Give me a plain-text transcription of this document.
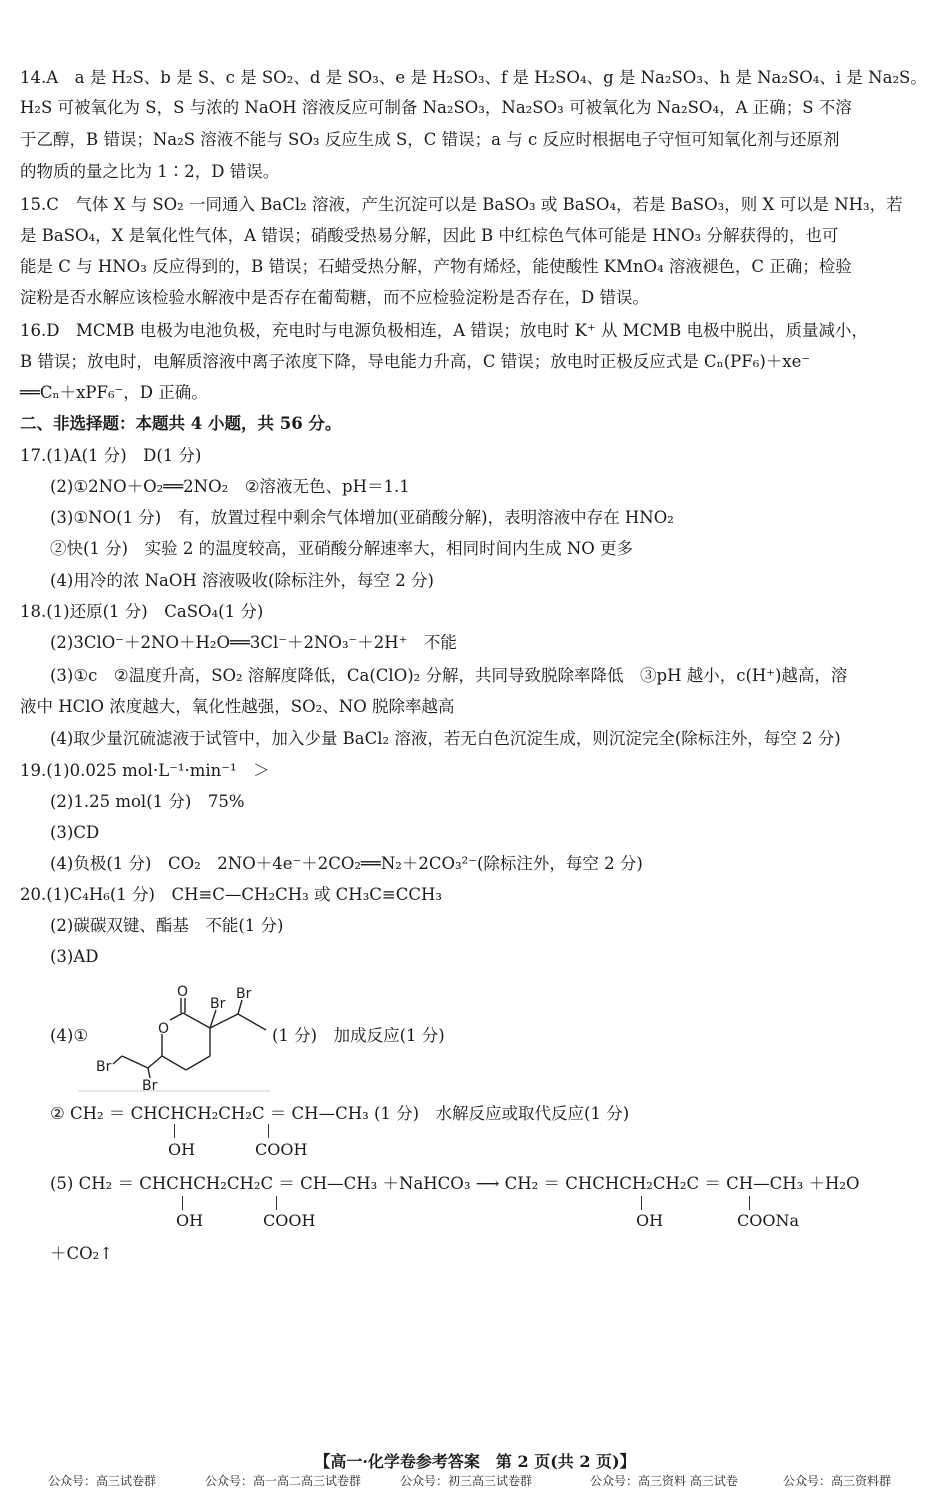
14.A　a 是 H₂S、b 是 S、c 是 SO₂、d 是 SO₃、e 是 H₂SO₃、f 是 H₂SO₄、g 是 Na₂SO₃、h 是 Na₂SO₄、i 是 Na₂S。
H₂S 可被氧化为 S，S 与浓的 NaOH 溶液反应可制备 Na₂SO₃，Na₂SO₃ 可被氧化为 Na₂SO₄，A 正确；S 不溶
于乙醇，B 错误；Na₂S 溶液不能与 SO₃ 反应生成 S，C 错误；a 与 c 反应时根据电子守恒可知氧化剂与还原剂
的物质的量之比为 1∶2，D 错误。
15.C　气体 X 与 SO₂ 一同通入 BaCl₂ 溶液，产生沉淀可以是 BaSO₃ 或 BaSO₄，若是 BaSO₃，则 X 可以是 NH₃，若
是 BaSO₄，X 是氧化性气体，A 错误；硝酸受热易分解，因此 B 中红棕色气体可能是 HNO₃ 分解获得的，也可
能是 C 与 HNO₃ 反应得到的，B 错误；石蜡受热分解，产物有烯烃，能使酸性 KMnO₄ 溶液褪色，C 正确；检验
淀粉是否水解应该检验水解液中是否存在葡萄糖，而不应检验淀粉是否存在，D 错误。
16.D　MCMB 电极为电池负极，充电时与电源负极相连，A 错误；放电时 K⁺ 从 MCMB 电极中脱出，质量减小，
B 错误；放电时，电解质溶液中离子浓度下降，导电能力升高，C 错误；放电时正极反应式是 Cₙ(PF₆)＋xe⁻
══Cₙ＋xPF₆⁻，D 正确。
二、非选择题：本题共 4 小题，共 56 分。
17.(1)A(1 分)　D(1 分)
(2)①2NO＋O₂══2NO₂　②溶液无色、pH＝1.1
(3)①NO(1 分)　有，放置过程中剩余气体增加(亚硝酸分解)，表明溶液中存在 HNO₂
②快(1 分)　实验 2 的温度较高，亚硝酸分解速率大，相同时间内生成 NO 更多
(4)用冷的浓 NaOH 溶液吸收(除标注外，每空 2 分)
18.(1)还原(1 分)　CaSO₄(1 分)
(2)3ClO⁻＋2NO＋H₂O══3Cl⁻＋2NO₃⁻＋2H⁺　不能
(3)①c　②温度升高，SO₂ 溶解度降低，Ca(ClO)₂ 分解，共同导致脱除率降低　③pH 越小，c(H⁺)越高，溶
液中 HClO 浓度越大，氧化性越强，SO₂、NO 脱除率越高
(4)取少量沉硫滤液于试管中，加入少量 BaCl₂ 溶液，若无白色沉淀生成，则沉淀完全(除标注外，每空 2 分)
19.(1)0.025 mol·L⁻¹·min⁻¹　＞
(2)1.25 mol(1 分)　75%
(3)CD
(4)负极(1 分)　CO₂　2NO＋4e⁻＋2CO₂══N₂＋2CO₃²⁻(除标注外，每空 2 分)
20.(1)C₄H₆(1 分)　CH≡C—CH₂CH₃ 或 CH₃C≡CCH₃
(2)碳碳双键、酯基　不能(1 分)
(3)AD
(4)①	O
O
Br
Br
Br
Br
(1 分)　加成反应(1 分)
② CH₂ ＝ CHCHCH₂CH₂C ＝ CH—CH₃ (1 分)　水解反应或取代反应(1 分)
OH	COOH
(5) CH₂ ＝ CHCHCH₂CH₂C ＝ CH—CH₃ ＋NaHCO₃ ⟶ CH₂ ＝ CHCHCH₂CH₂C ＝ CH—CH₃ ＋H₂O
OH	COOH	OH	COONa
＋CO₂↑
【高一·化学卷参考答案　第 2 页(共 2 页)】
公众号：高三试卷群	公众号：高一高二高三试卷群	公众号：初三高三试卷群	公众号：高三资料 高三试卷	公众号：高三资料群
